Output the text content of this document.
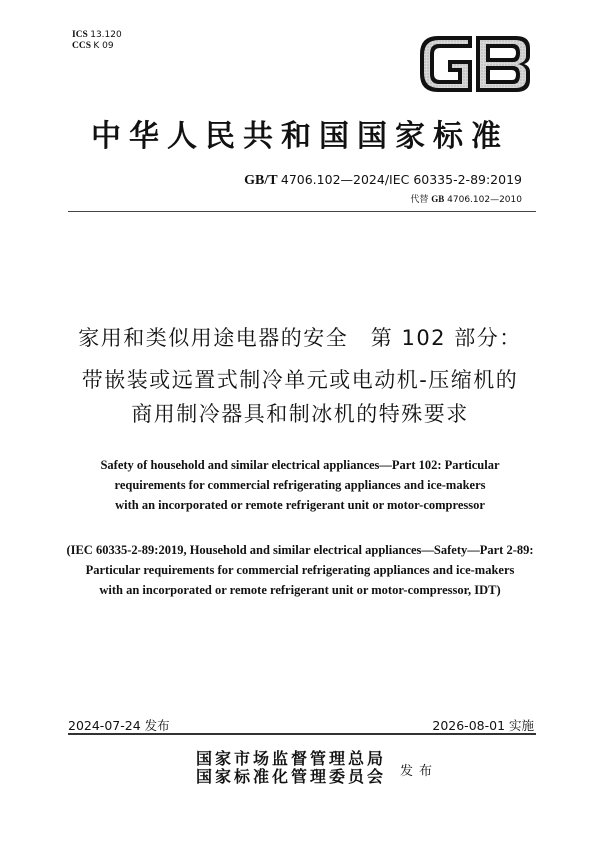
ICS 13.120
CCS K 09
中华人民共和国国家标准
GB/T 4706.102—2024/IEC 60335-2-89:2019
代替 GB 4706.102—2010
家用和类似用途电器的安全　第 102 部分：
带嵌装或远置式制冷单元或电动机-压缩机的
商用制冷器具和制冰机的特殊要求
Safety of household and similar electrical appliances—Part 102: Particular
requirements for commercial refrigerating appliances and ice-makers
with an incorporated or remote refrigerant unit or motor-compressor
(IEC 60335-2-89:2019, Household and similar electrical appliances—Safety—Part 2-89:
Particular requirements for commercial refrigerating appliances and ice-makers
with an incorporated or remote refrigerant unit or motor-compressor, IDT)
2024-07-24 发布	2026-08-01 实施
国家市场监督管理总局
国家标准化管理委员会 发布
